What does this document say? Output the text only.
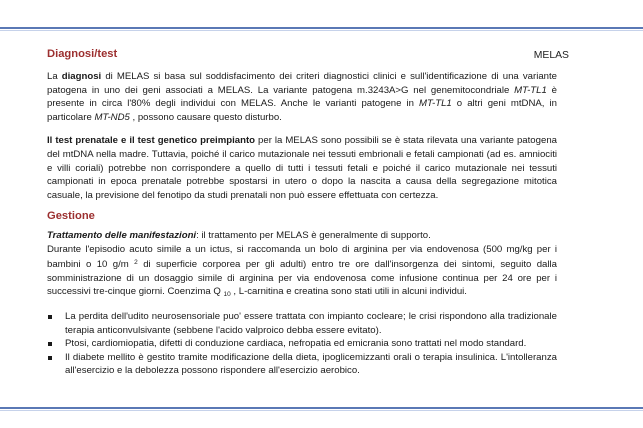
Diagnosi/test	MELAS

La diagnosi di MELAS si basa sul soddisfacimento dei criteri diagnostici clinici e sull'identificazione di una variante patogena in uno dei geni associati a MELAS. La variante patogena m.3243A>G nel genemitocondriale MT-TL1 è presente in circa l'80% degli individui con MELAS. Anche le varianti patogene in MT-TL1 o altri geni mtDNA, in particolare MT-ND5 , possono causare questo disturbo.

Il test prenatale e il test genetico preimpianto per la MELAS sono possibili se è stata rilevata una variante patogena del mtDNA nella madre. Tuttavia, poiché il carico mutazionale nei tessuti embrionali e fetali campionati (ad es. amniociti e villi coriali) potrebbe non corrispondere a quello di tutti i tessuti fetali e poiché il carico mutazionale nei tessuti campionati in epoca prenatale potrebbe spostarsi in utero o dopo la nascita a causa della segregazione mitotica casuale, la previsione del fenotipo da studi prenatali non può essere effettuata con certezza.

Gestione

Trattamento delle manifestazioni: il trattamento per MELAS è generalmente di supporto.

Durante l'episodio acuto simile a un ictus, si raccomanda un bolo di arginina per via endovenosa (500 mg/kg per i bambini o 10 g/m $^2$ di superficie corporea per gli adulti) entro tre ore dall'insorgenza dei sintomi, seguito dalla somministrazione di un dosaggio simile di arginina per via endovenosa come infusione continua per 24 ore per i successivi tre-cinque giorni. Coenzima Q $_{10}$ , L-carnitina e creatina sono stati utili in alcuni individui.

La perdita dell'udito neurosensoriale puo' essere trattata con impianto cocleare; le crisi rispondono alla tradizionale terapia anticonvulsivante (sebbene l'acido valproico debba essere evitato).
Ptosi, cardiomiopatia, difetti di conduzione cardiaca, nefropatia ed emicrania sono trattati nel modo standard.
Il diabete mellito è gestito tramite modificazione della dieta, ipoglicemizzanti orali o terapia insulinica. L'intolleranza all'esercizio e la debolezza possono rispondere all'esercizio aerobico.
